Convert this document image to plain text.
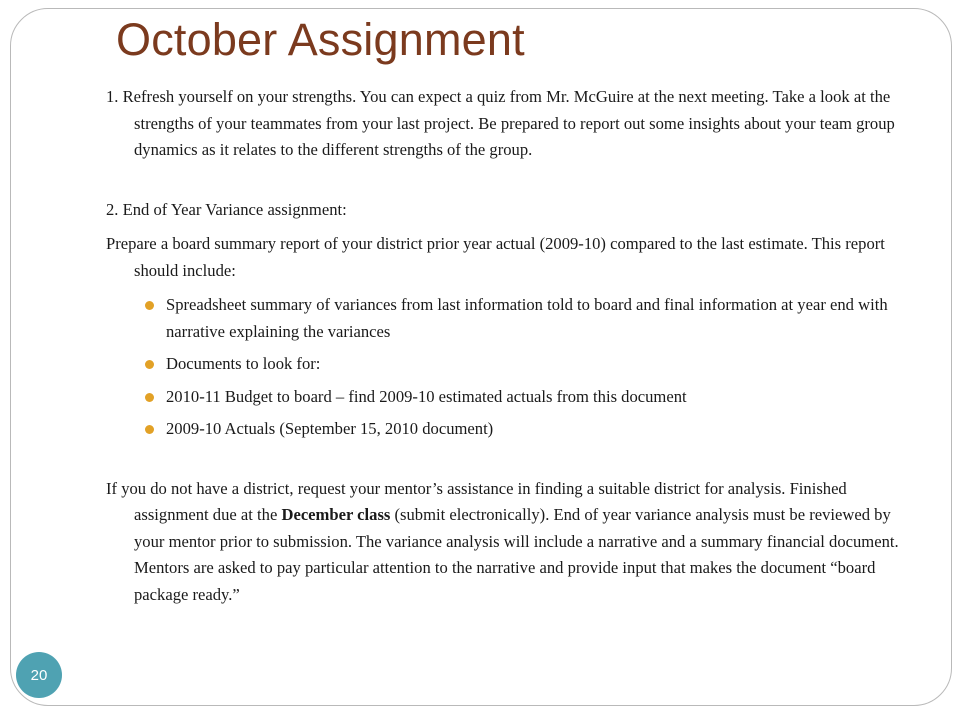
October Assignment

1. Refresh yourself on your strengths. You can expect a quiz from Mr. McGuire at the next meeting. Take a look at the strengths of your teammates from your last project. Be prepared to report out some insights about your team group dynamics as it relates to the different strengths of the group.

2. End of Year Variance assignment:

Prepare a board summary report of your district prior year actual (2009-10) compared to the last estimate. This report should include:

Spreadsheet summary of variances from last information told to board and final information at year end with narrative explaining the variances
Documents to look for:
2010-11 Budget to board – find 2009-10 estimated actuals from this document
2009-10 Actuals (September 15, 2010 document)

If you do not have a district, request your mentor’s assistance in finding a suitable district for analysis. Finished assignment due at the December class (submit electronically). End of year variance analysis must be reviewed by your mentor prior to submission. The variance analysis will include a narrative and a summary financial document. Mentors are asked to pay particular attention to the narrative and provide input that makes the document “board package ready.”

20
